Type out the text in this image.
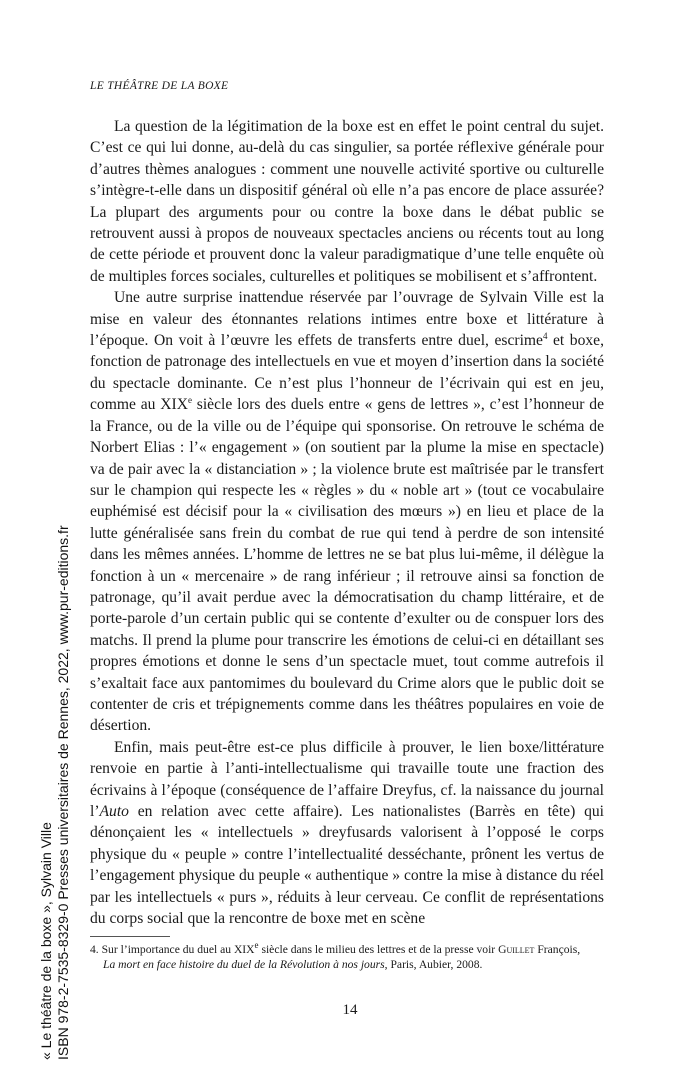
LE THÉÂTRE DE LA BOXE

La question de la légitimation de la boxe est en effet le point central du sujet. C’est ce qui lui donne, au-delà du cas singulier, sa portée réflexive générale pour d’autres thèmes analogues : comment une nouvelle activité sportive ou culturelle s’intègre-t-elle dans un dispositif général où elle n’a pas encore de place assurée? La plupart des arguments pour ou contre la boxe dans le débat public se retrouvent aussi à propos de nouveaux spectacles anciens ou récents tout au long de cette période et prouvent donc la valeur paradigmatique d’une telle enquête où de multiples forces sociales, culturelles et politiques se mobilisent et s’affrontent.

Une autre surprise inattendue réservée par l’ouvrage de Sylvain Ville est la mise en valeur des étonnantes relations intimes entre boxe et littérature à l’époque. On voit à l’œuvre les effets de transferts entre duel, escrime$^4$ et boxe, fonction de patronage des intellectuels en vue et moyen d’insertion dans la société du spectacle dominante. Ce n’est plus l’honneur de l’écrivain qui est en jeu, comme au XIXe siècle lors des duels entre « gens de lettres », c’est l’honneur de la France, ou de la ville ou de l’équipe qui sponsorise. On retrouve le schéma de Norbert Elias : l’« engagement » (on soutient par la plume la mise en spectacle) va de pair avec la « distanciation » ; la violence brute est maîtrisée par le transfert sur le champion qui respecte les « règles » du « noble art » (tout ce vocabulaire euphémisé est décisif pour la « civilisation des mœurs ») en lieu et place de la lutte généralisée sans frein du combat de rue qui tend à perdre de son intensité dans les mêmes années. L’homme de lettres ne se bat plus lui-même, il délègue la fonction à un « mercenaire » de rang inférieur ; il retrouve ainsi sa fonction de patronage, qu’il avait perdue avec la démocratisation du champ littéraire, et de porte-parole d’un certain public qui se contente d’exulter ou de conspuer lors des matchs. Il prend la plume pour transcrire les émotions de celui-ci en détaillant ses propres émotions et donne le sens d’un spectacle muet, tout comme autrefois il s’exaltait face aux pantomimes du boulevard du Crime alors que le public doit se contenter de cris et trépignements comme dans les théâtres populaires en voie de désertion.

Enfin, mais peut-être est-ce plus difficile à prouver, le lien boxe/littérature renvoie en partie à l’anti-intellectualisme qui travaille toute une fraction des écrivains à l’époque (conséquence de l’affaire Dreyfus, cf. la naissance du journal l’Auto en relation avec cette affaire). Les nationalistes (Barrès en tête) qui dénonçaient les « intellectuels » dreyfusards valorisent à l’opposé le corps physique du « peuple » contre l’intellectualité desséchante, prônent les vertus de l’engagement physique du peuple « authentique » contre la mise à distance du réel par les intellectuels « purs », réduits à leur cerveau. Ce conflit de représentations du corps social que la rencontre de boxe met en scène

4. Sur l’importance du duel au XIXe siècle dans le milieu des lettres et de la presse voir Guillet François,
La mort en face histoire du duel de la Révolution à nos jours, Paris, Aubier, 2008.
14
« Le théâtre de la boxe », Sylvain Ville ISBN 978-2-7535-8329-0 Presses universitaires de Rennes, 2022, www.pur-editions.fr
